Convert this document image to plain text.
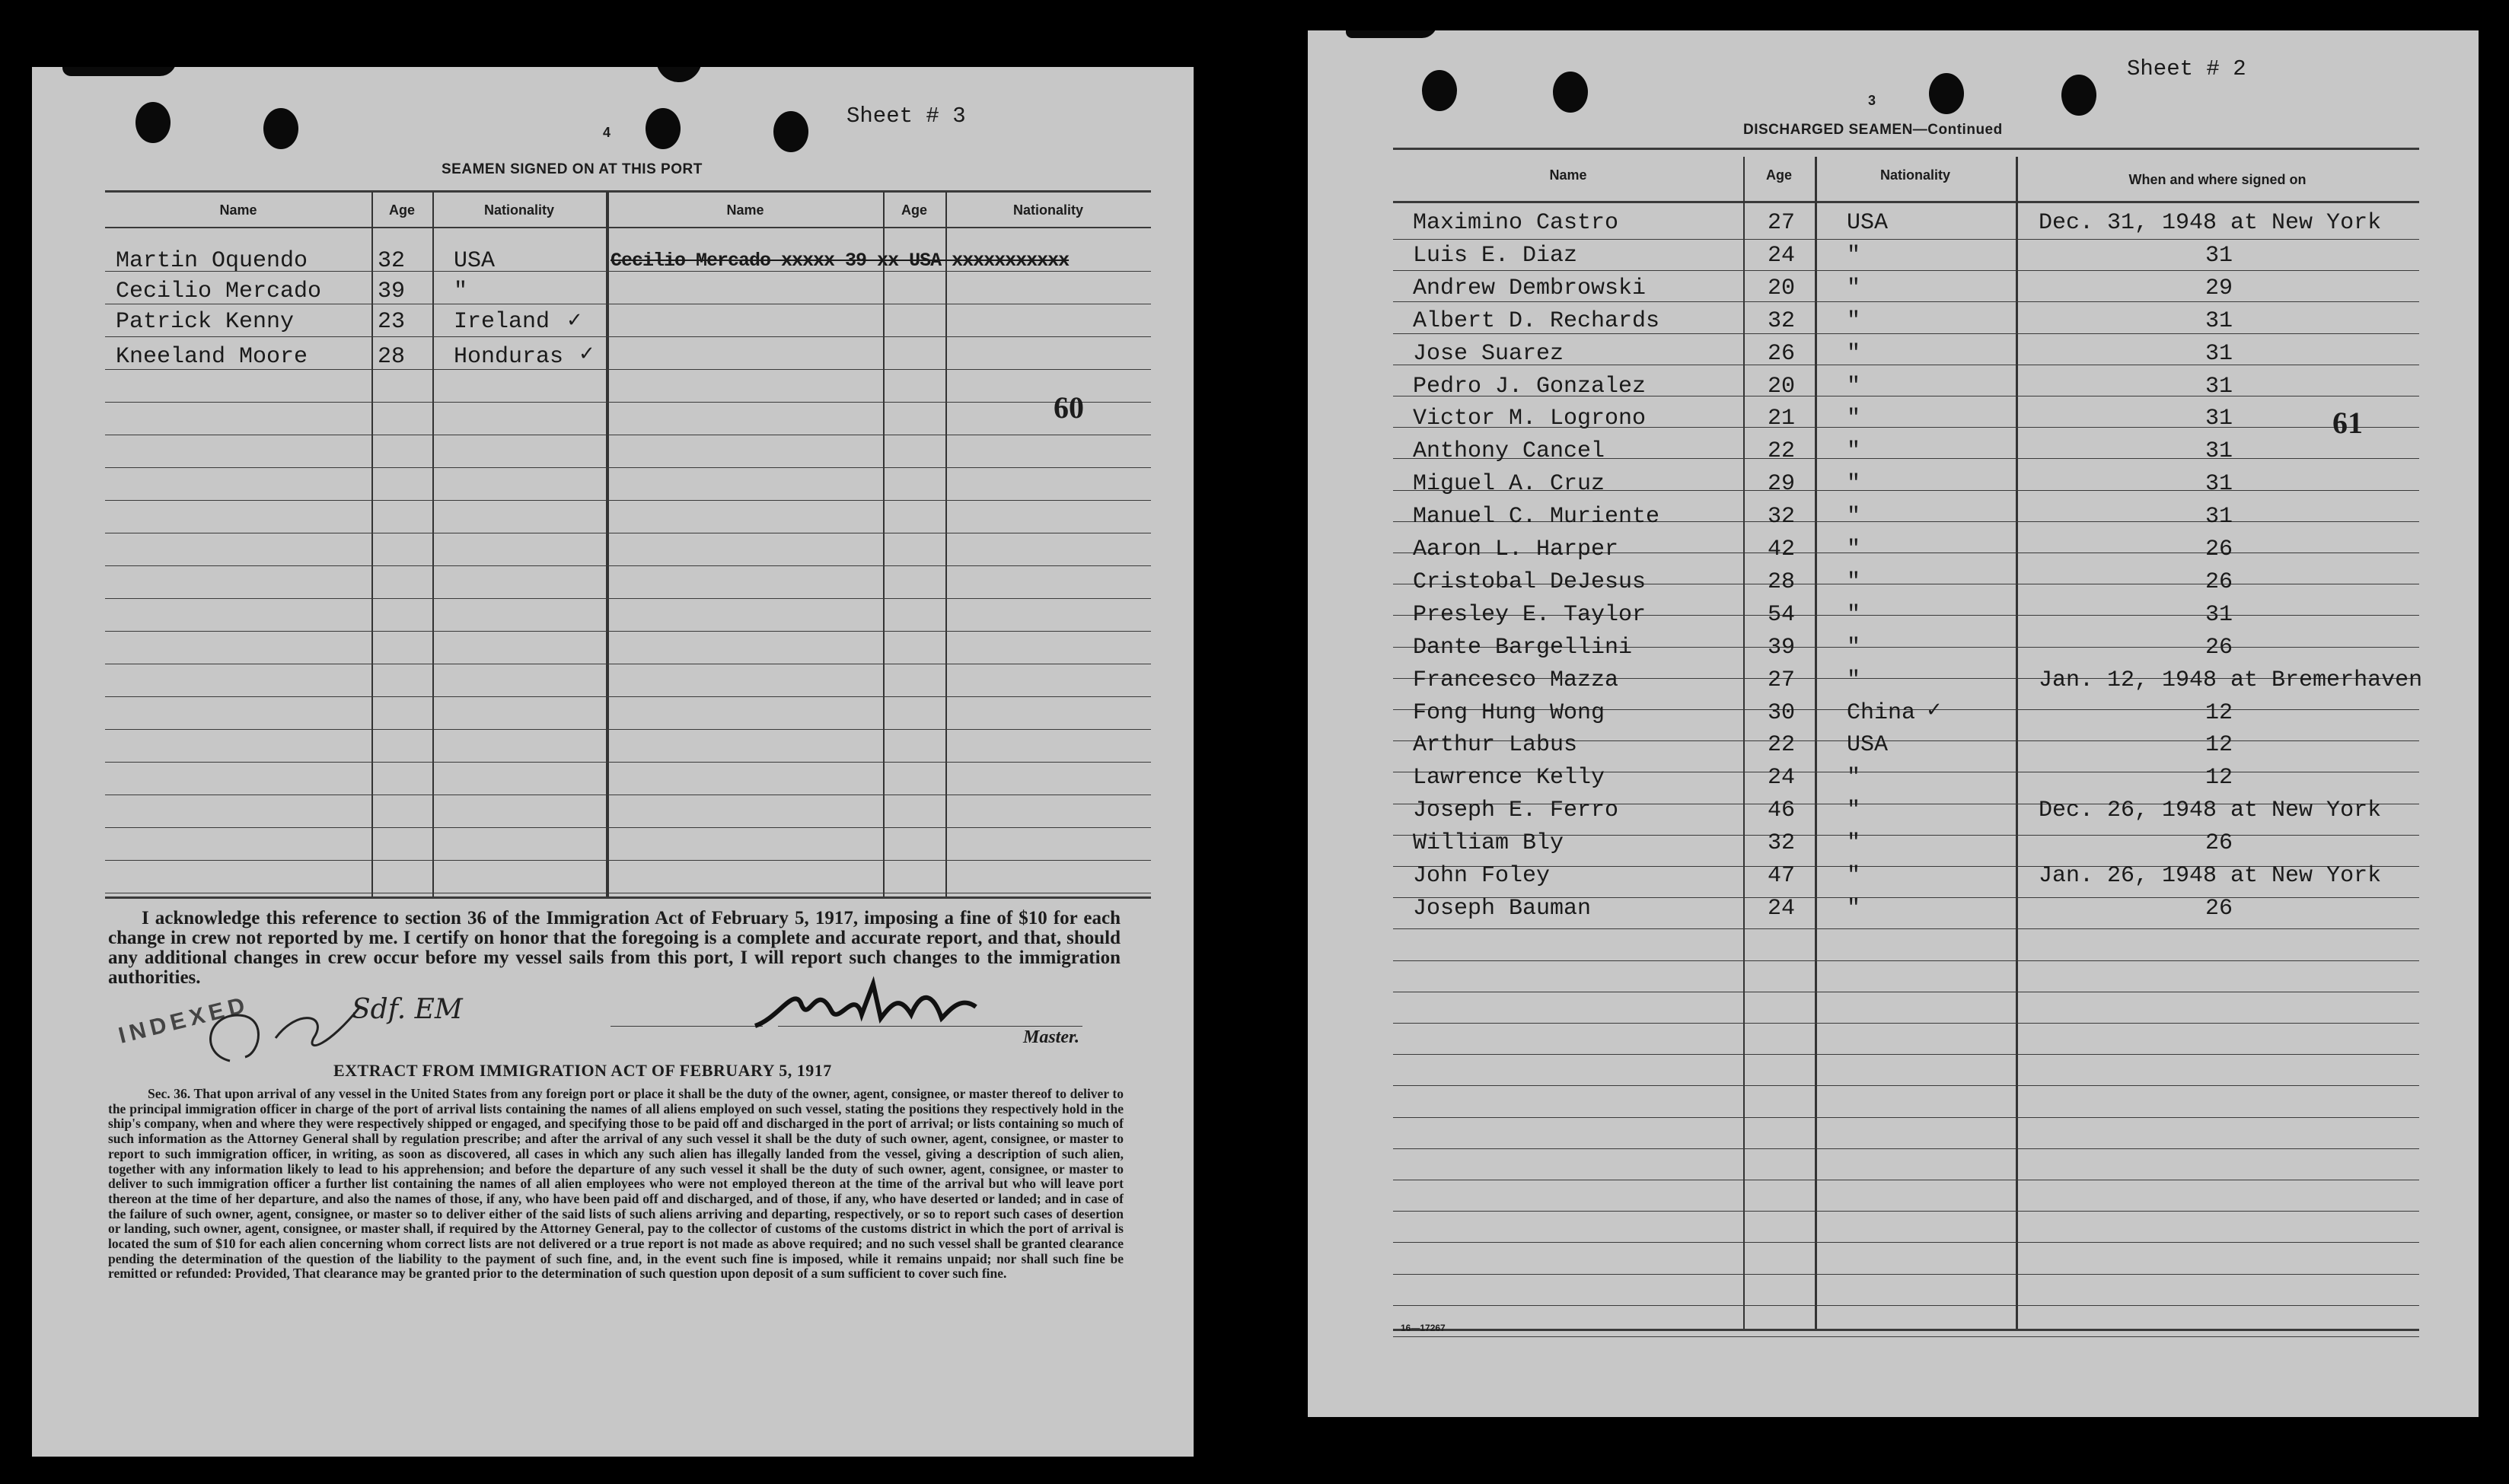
4
Sheet # 3
SEAMEN SIGNED ON AT THIS PORT
Name	Age	Nationality	Name	Age	Nationality
Martin Oquendo	32 USA
Cecilio Mercado 39 "
Patrick Kenny	23 Ireland ✓
Kneeland Moore	28 Honduras ✓
Cecilio Mercado xxxxx 39 xx USA xxxxxxxxxxx
60
I acknowledge this reference to section 36 of the Immigration Act of February 5, 1917, imposing a fine of $10 for each change in crew not reported by me. I certify on honor that the foregoing is a complete and accurate report, and that, should any additional changes in crew occur before my vessel sails from this port, I will report such changes to the immigration authorities.
INDEXED	Sdf. EM
Master.
EXTRACT FROM IMMIGRATION ACT OF FEBRUARY 5, 1917
Sec. 36. That upon arrival of any vessel in the United States from any foreign port or place it shall be the duty of the owner, agent, consignee, or master thereof to deliver to the principal immigration officer in charge of the port of arrival lists containing the names of all aliens employed on such vessel, stating the positions they respectively hold in the ship's company, when and where they were respectively shipped or engaged, and specifying those to be paid off and discharged in the port of arrival; or lists containing so much of such information as the Attorney General shall by regulation prescribe; and after the arrival of any such vessel it shall be the duty of such owner, agent, consignee, or master to report to such immigration officer, in writing, as soon as discovered, all cases in which any such alien has illegally landed from the vessel, giving a description of such alien, together with any information likely to lead to his apprehension; and before the departure of any such vessel it shall be the duty of such owner, agent, consignee, or master to deliver to such immigration officer a further list containing the names of all alien employees who were not employed thereon at the time of the arrival but who will leave port thereon at the time of her departure, and also the names of those, if any, who have been paid off and discharged, and of those, if any, who have deserted or landed; and in case of the failure of such owner, agent, consignee, or master so to deliver either of the said lists of such aliens arriving and departing, respectively, or so to report such cases of desertion or landing, such owner, agent, consignee, or master shall, if required by the Attorney General, pay to the collector of customs of the customs district in which the port of arrival is located the sum of $10 for each alien concerning whom correct lists are not delivered or a true report is not made as above required; and no such vessel shall be granted clearance pending the determination of the question of the liability to the payment of such fine, and, in the event such fine is imposed, while it remains unpaid; nor shall such fine be remitted or refunded: Provided, That clearance may be granted prior to the determination of such question upon deposit of a sum sufficient to cover such fine.
3
Sheet # 2
DISCHARGED SEAMEN—Continued
Name	Age	Nationality	When and where signed on
Maximino Castro	27 USA	Dec. 31, 1948 at New York
Luis E. Diaz	24 "	31
Andrew Dembrowski	20 "	29
Albert D. Rechards	32 "	31
Jose Suarez	26 "	31
Pedro J. Gonzalez	20 "	31
Victor M. Logrono	21 "	31
Anthony Cancel	22 "	31
Miguel A. Cruz	29 "	31
Manuel C. Muriente	32 "	31
Aaron L. Harper	42 "	26
Cristobal DeJesus	28 "	26
Presley E. Taylor	54 "	31
Dante Bargellini	39 "	26
Francesco Mazza	27 "	Jan. 12, 1948 at Bremerhaven
Fong Hung Wong	30 China	12
Arthur Labus	22 USA	12
Lawrence Kelly	24 "	12
Joseph E. Ferro	46 "	Dec. 26, 1948 at New York
William Bly	32 "	26
John Foley	47 "	Jan. 26, 1948 at New York
Joseph Bauman	24 "	26
✓
61
16—17267
